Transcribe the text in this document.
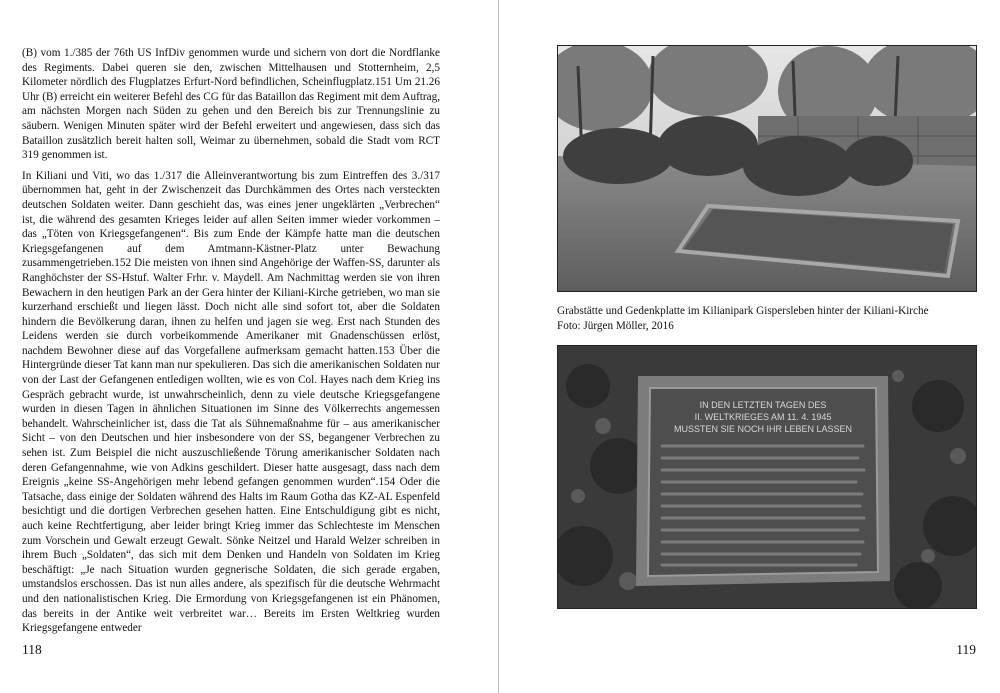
(B) vom 1./385 der 76th US InfDiv genommen wurde und sichern von dort die Nordflanke des Regiments. Dabei queren sie den, zwischen Mittelhausen und Stotternheim, 2,5 Kilometer nördlich des Flugplatzes Erfurt-Nord befindlichen, Scheinflugplatz.151 Um 21.26 Uhr (B) erreicht ein weiterer Befehl des CG für das Bataillon das Regiment mit dem Auftrag, am nächsten Morgen nach Süden zu gehen und den Bereich bis zur Trennungslinie zu säubern. Wenigen Minuten später wird der Befehl erweitert und angewiesen, dass sich das Bataillon zusätzlich bereit halten soll, Weimar zu übernehmen, sobald die Stadt vom RCT 319 genommen ist.

In Kiliani und Viti, wo das 1./317 die Alleinverantwortung bis zum Eintreffen des 3./317 übernommen hat, geht in der Zwischenzeit das Durchkämmen des Ortes nach versteckten deutschen Soldaten weiter. Dann geschieht das, was eines jener ungeklärten „Verbrechen“ ist, die während des gesamten Krieges leider auf allen Seiten immer wieder vorkommen – das „Töten von Kriegsgefangenen“. Bis zum Ende der Kämpfe hatte man die deutschen Kriegsgefangenen auf dem Amtmann-Kästner-Platz unter Bewachung zusammengetrieben.152 Die meisten von ihnen sind Angehörige der Waffen-SS, darunter als Ranghöchster der SS-Hstuf. Walter Frhr. v. Maydell. Am Nachmittag werden sie von ihren Bewachern in den heutigen Park an der Gera hinter der Kiliani-Kirche getrieben, wo man sie kurzerhand erschießt und liegen lässt. Doch nicht alle sind sofort tot, aber die Soldaten hindern die Bevölkerung daran, ihnen zu helfen und jagen sie weg. Erst nach Stunden des Leidens werden sie durch vorbeikommende Amerikaner mit Gnadenschüssen erlöst, nachdem Bewohner diese auf das Vorgefallene aufmerksam gemacht hatten.153 Über die Hintergründe dieser Tat kann man nur spekulieren. Das sich die amerikanischen Soldaten nur von der Last der Gefangenen entledigen wollten, wie es von Col. Hayes nach dem Krieg ins Gespräch gebracht wurde, ist unwahrscheinlich, denn zu viele deutsche Kriegsgefangene wurden in diesen Tagen in ähnlichen Situationen im Sinne des Völkerrechts angemessen behandelt. Wahrscheinlicher ist, dass die Tat als Sühnemaßnahme für – aus amerikanischer Sicht – von den Deutschen und hier insbesondere von der SS, begangener Verbrechen zu sehen ist. Zum Beispiel die nicht auszuschließende Törung amerikanischer Soldaten nach deren Gefangennahme, wie von Adkins geschildert. Dieser hatte ausgesagt, dass nach dem Ereignis „keine SS-Angehörigen mehr lebend gefangen genommen wurden“.154 Oder die Tatsache, dass einige der Soldaten während des Halts im Raum Gotha das KZ-AL Espenfeld besichtigt und die dortigen Verbrechen gesehen hatten. Eine Entschuldigung gibt es nicht, auch keine Rechtfertigung, aber leider bringt Krieg immer das Schlechteste im Menschen zum Vorschein und Gewalt erzeugt Gewalt. Sönke Neitzel und Harald Welzer schreiben in ihrem Buch „Soldaten“, das sich mit dem Denken und Handeln von Soldaten im Krieg beschäftigt: „Je nach Situation wurden gegnerische Soldaten, die sich gerade ergaben, umstandslos erschossen. Das ist nun alles andere, als spezifisch für die deutsche Wehrmacht und den nationalistischen Krieg. Die Ermordung von Kriegsgefangenen ist ein Phänomen, das bereits in der Antike weit verbreitet war… Bereits im Ersten Weltkrieg wurden Kriegsgefangene entweder

118
Grabstätte und Gedenkplatte im Kilianipark Gispersleben hinter der Kiliani-Kirche
Foto: Jürgen Möller, 2016
IN DEN LETZTEN TAGEN DES
II. WELTKRIEGES AM 11. 4. 1945
MUSSTEN SIE NOCH IHR LEBEN LASSEN
119
